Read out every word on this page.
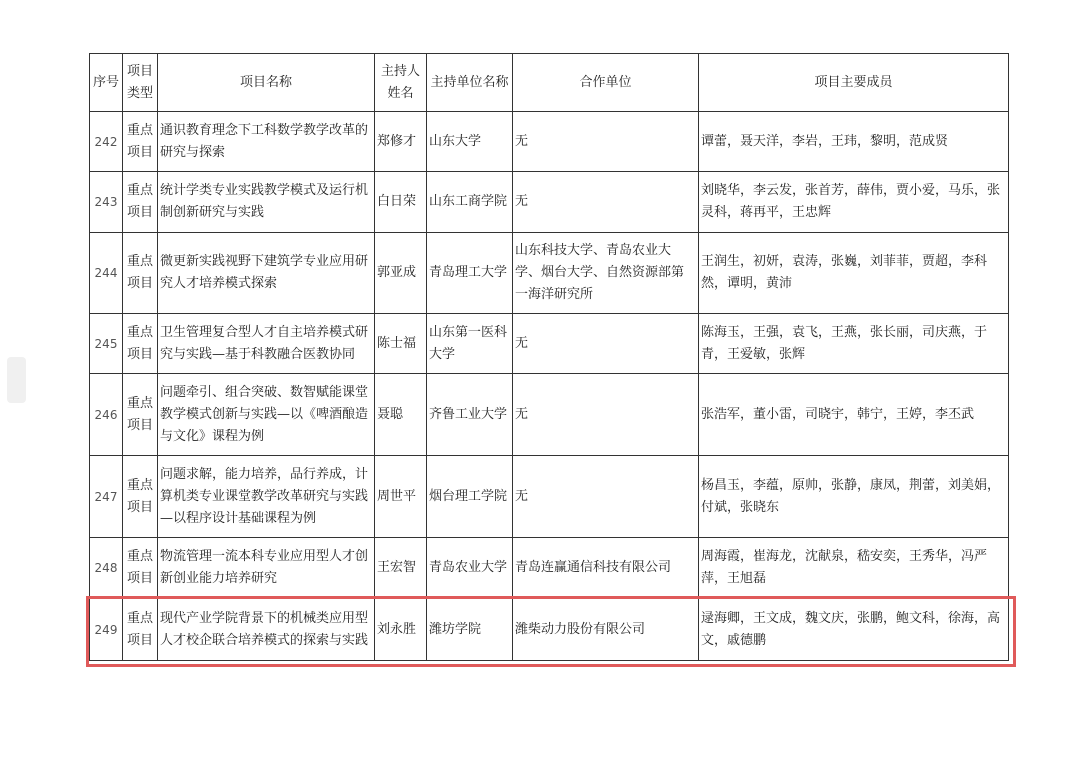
序号	项目类型	项目名称	主持人姓名	主持单位名称	合作单位	项目主要成员
242	重点项目	通识教育理念下工科数学教学改革的研究与探索	郑修才	山东大学	无	谭蕾，聂天洋，李岩，王玮，黎明，范成贤
243	重点项目	统计学类专业实践教学模式及运行机制创新研究与实践	白日荣	山东工商学院	无	刘晓华，李云发，张首芳，薛伟，贾小爱，马乐，张灵科，蒋再平，王忠辉
244	重点项目	微更新实践视野下建筑学专业应用研究人才培养模式探索	郭亚成	青岛理工大学	山东科技大学、青岛农业大学、烟台大学、自然资源部第一海洋研究所	王润生，初妍，袁涛，张巍，刘菲菲，贾超，李科然，谭明，黄沛
245	重点项目	卫生管理复合型人才自主培养模式研究与实践—基于科教融合医教协同	陈士福	山东第一医科大学	无	陈海玉，王强，袁飞，王燕，张长丽，司庆燕，于青，王爱敏，张辉
246	重点项目	问题牵引、组合突破、数智赋能课堂教学模式创新与实践—以《啤酒酿造与文化》课程为例	聂聪	齐鲁工业大学	无	张浩军，董小雷，司晓宇，韩宁，王婷，李丕武
247	重点项目	问题求解，能力培养，品行养成，计算机类专业课堂教学改革研究与实践—以程序设计基础课程为例	周世平	烟台理工学院	无	杨昌玉，李蕴，原帅，张静，康凤，荆蕾，刘美娟，付斌，张晓东
248	重点项目	物流管理一流本科专业应用型人才创新创业能力培养研究	王宏智	青岛农业大学	青岛连赢通信科技有限公司	周海霞，崔海龙，沈献泉，嵇安奕，王秀华，冯严萍，王旭磊
249	重点项目	现代产业学院背景下的机械类应用型人才校企联合培养模式的探索与实践	刘永胜	潍坊学院	潍柴动力股份有限公司	逯海卿，王文成，魏文庆，张鹏，鲍文科，徐海，高文，戚德鹏
